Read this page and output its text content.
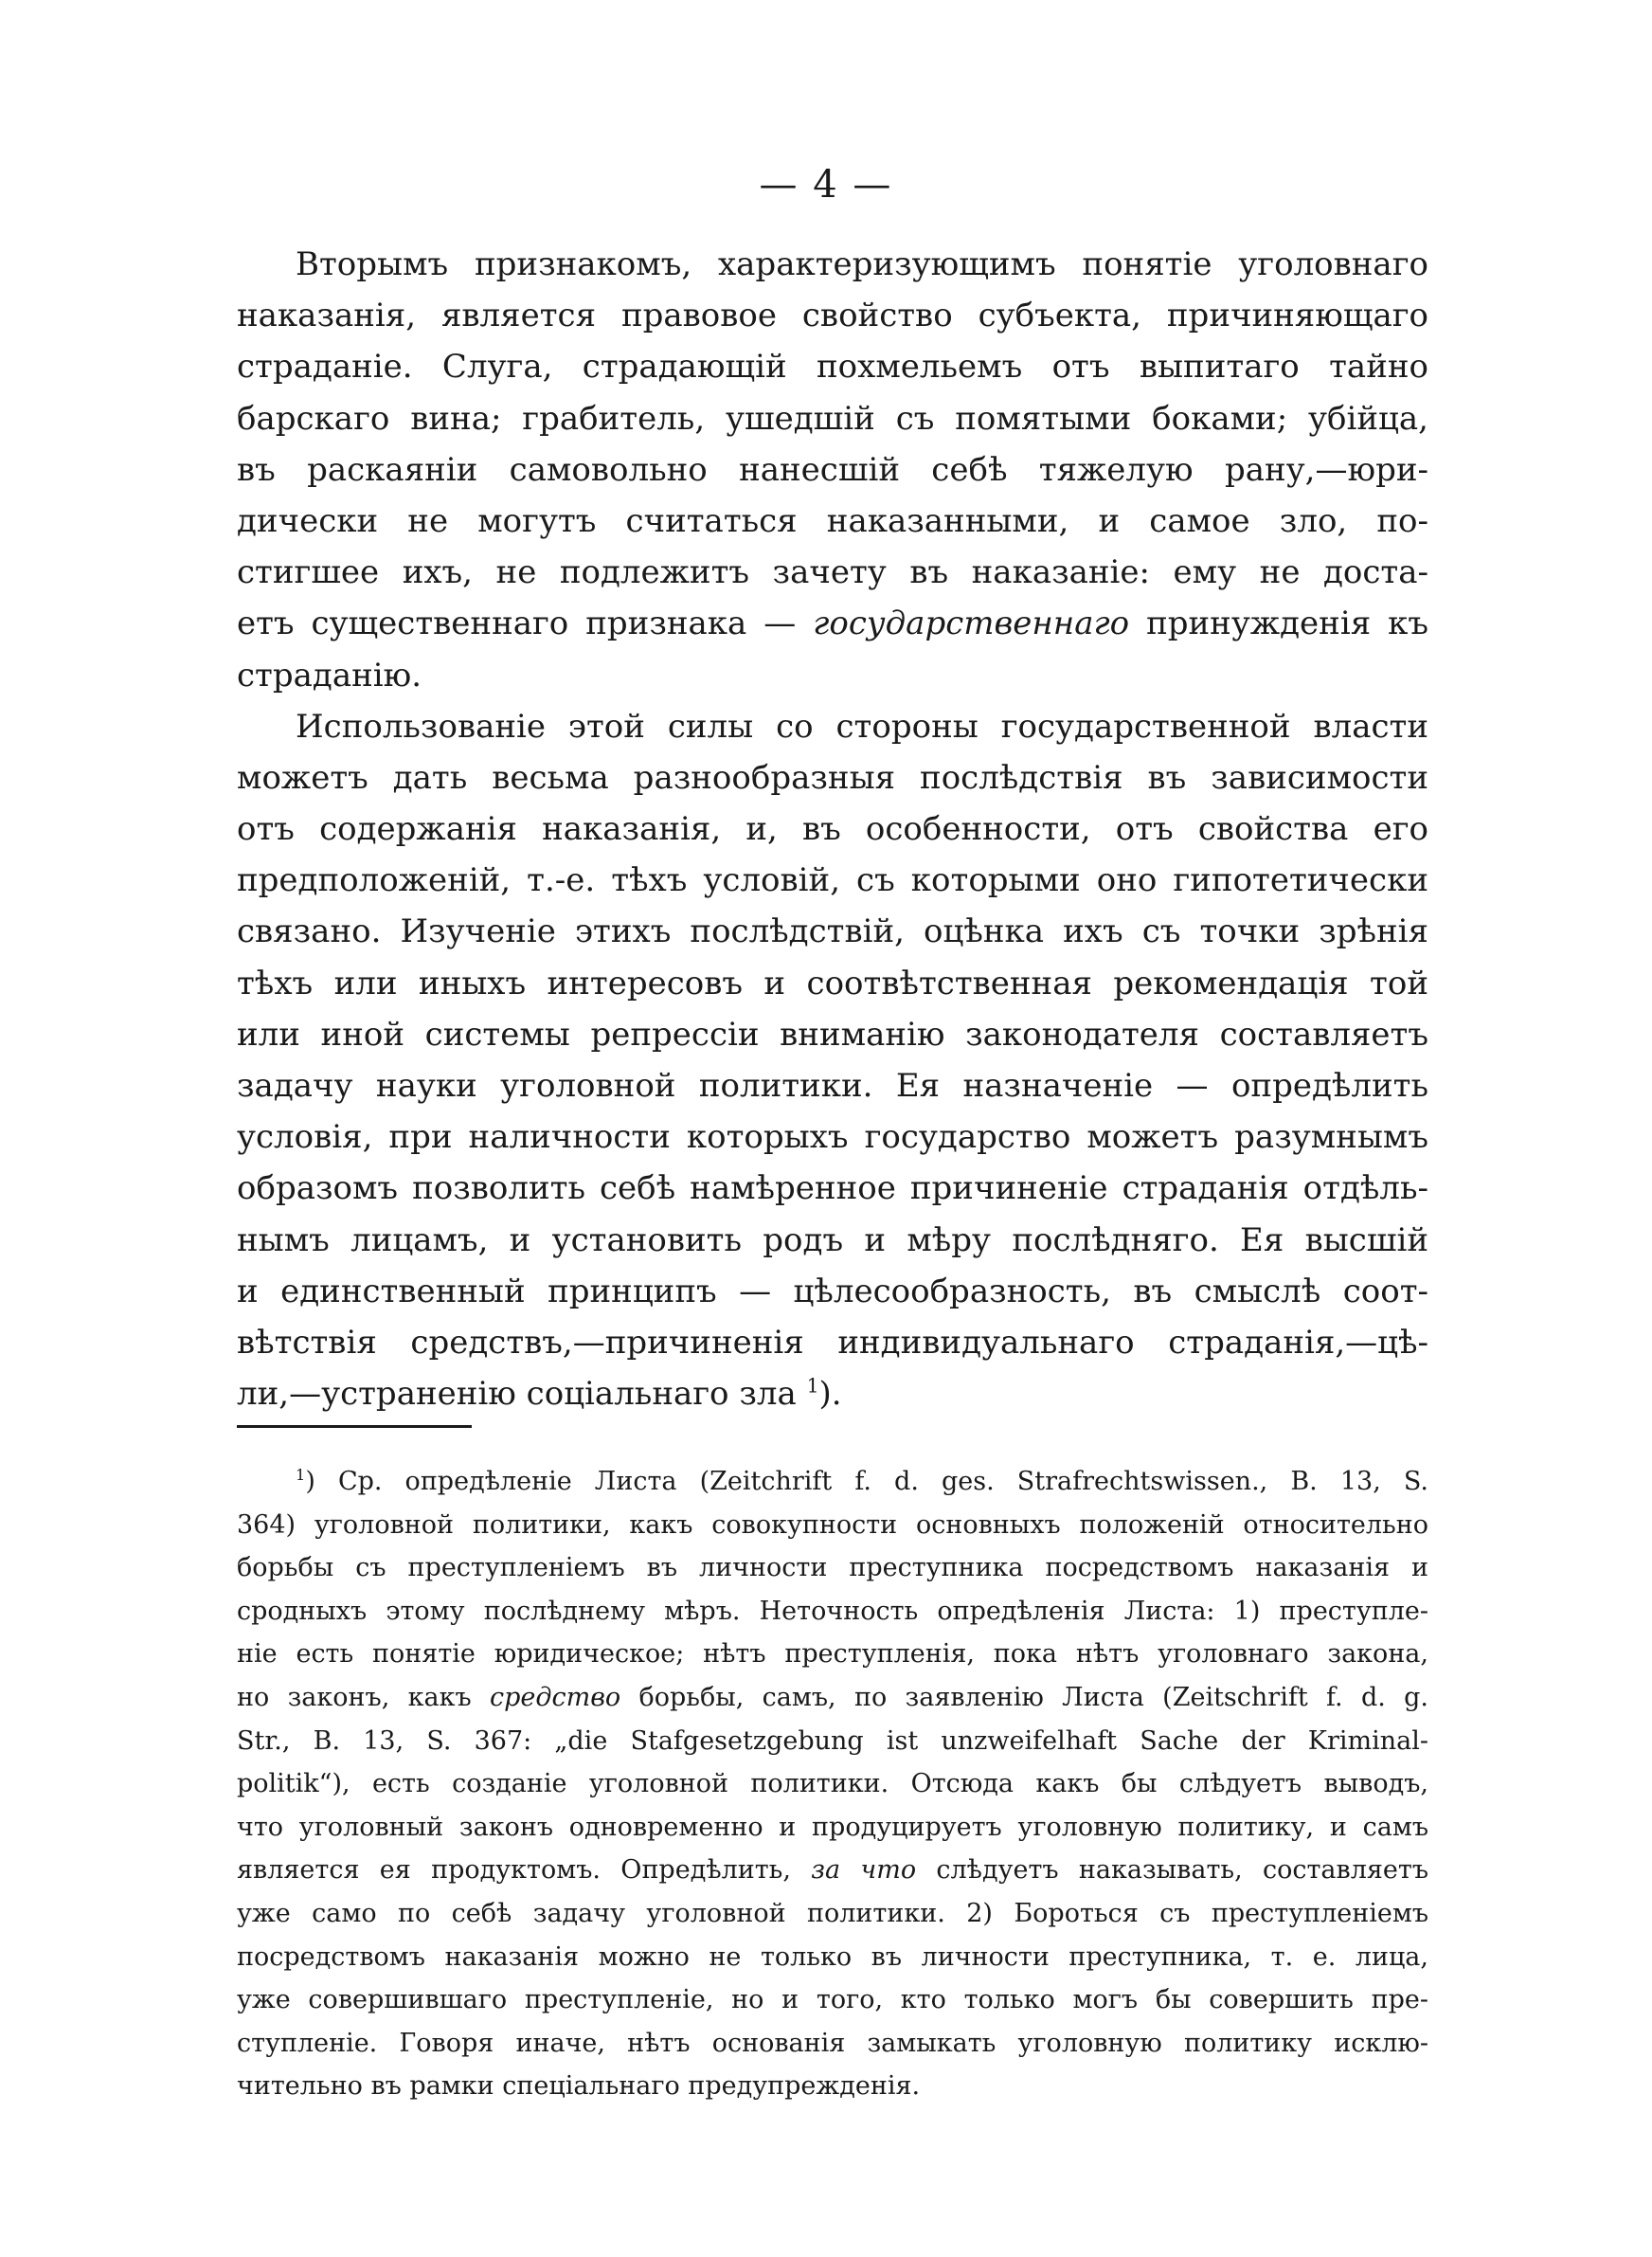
— 4 —
Вторымъ признакомъ, характеризующимъ понятіе уголовнаго
наказанія, является правовое свойство субъекта, причиняющаго
страданіе. Слуга, страдающій похмельемъ отъ выпитаго тайно
барскаго вина; грабитель, ушедшій съ помятыми боками; убійца,
въ раскаяніи самовольно нанесшій себѣ тяжелую рану,—юри-
дически не могутъ считаться наказанными, и самое зло, по-
стигшее ихъ, не подлежитъ зачету въ наказаніе: ему не доста-
етъ существеннаго признака — государственнаго принужденія къ
страданію.
Использованіе этой силы со стороны государственной власти
можетъ дать весьма разнообразныя послѣдствія въ зависимости
отъ содержанія наказанія, и, въ особенности, отъ свойства его
предположеній, т.-е. тѣхъ условій, съ которыми оно гипотетически
связано. Изученіе этихъ послѣдствій, оцѣнка ихъ съ точки зрѣнія
тѣхъ или иныхъ интересовъ и соотвѣтственная рекомендація той
или иной системы репрессіи вниманію законодателя составляетъ
задачу науки уголовной политики. Ея назначеніе — опредѣлить
условія, при наличности которыхъ государство можетъ разумнымъ
образомъ позволить себѣ намѣренное причиненіе страданія отдѣль-
нымъ лицамъ, и установить родъ и мѣру послѣдняго. Ея высшій
и единственный принципъ — цѣлесообразность, въ смыслѣ соот-
вѣтствія средствъ,—причиненія индивидуальнаго страданія,—цѣ-
ли,—устраненію соціальнаго зла $^1$).
$^1$) Ср. опредѣленіе Листа (Zeitchrift f. d. ges. Strafrechtswissen., B. 13, S.
364) уголовной политики, какъ совокупности основныхъ положеній относительно
борьбы съ преступленіемъ въ личности преступника посредствомъ наказанія и
сродныхъ этому послѣднему мѣръ. Неточность опредѣленія Листа: 1) преступле-
ніе есть понятіе юридическое; нѣтъ преступленія, пока нѣтъ уголовнаго закона,
но законъ, какъ средство борьбы, самъ, по заявленію Листа (Zeitschrift f. d. g.
Str., B. 13, S. 367: „die Stafgesetzgebung ist unzweifelhaft Sache der Kriminal-
politik“), есть созданіе уголовной политики. Отсюда какъ бы слѣдуетъ выводъ,
что уголовный законъ одновременно и продуцируетъ уголовную политику, и самъ
является ея продуктомъ. Опредѣлить, за что слѣдуетъ наказывать, составляетъ
уже само по себѣ задачу уголовной политики. 2) Бороться съ преступленіемъ
посредствомъ наказанія можно не только въ личности преступника, т. е. лица,
уже совершившаго преступленіе, но и того, кто только могъ бы совершить пре-
ступленіе. Говоря иначе, нѣтъ основанія замыкать уголовную политику исклю-
чительно въ рамки спеціальнаго предупрежденія.
